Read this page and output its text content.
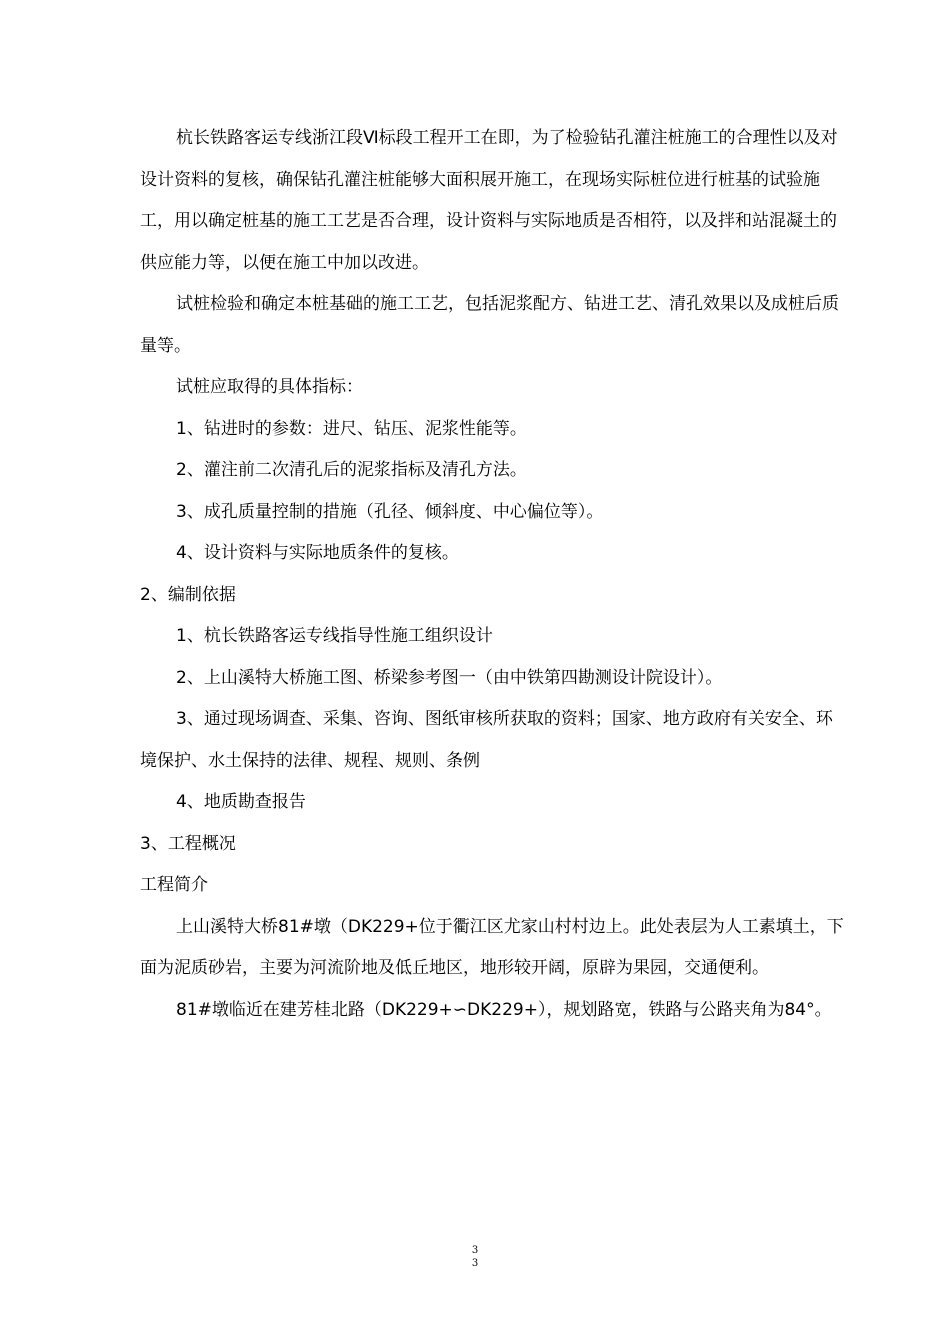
杭长铁路客运专线浙江段Ⅵ标段工程开工在即，为了检验钻孔灌注桩施工的合理性以及对设计资料的复核，确保钻孔灌注桩能够大面积展开施工，在现场实际桩位进行桩基的试验施工，用以确定桩基的施工工艺是否合理，设计资料与实际地质是否相符，以及拌和站混凝土的供应能力等，以便在施工中加以改进。

试桩检验和确定本桩基础的施工工艺，包括泥浆配方、钻进工艺、清孔效果以及成桩后质量等。

试桩应取得的具体指标：

1、钻进时的参数：进尺、钻压、泥浆性能等。

2、灌注前二次清孔后的泥浆指标及清孔方法。

3、成孔质量控制的措施（孔径、倾斜度、中心偏位等）。

4、设计资料与实际地质条件的复核。

2、编制依据

1、杭长铁路客运专线指导性施工组织设计

2、上山溪特大桥施工图、桥梁参考图一（由中铁第四勘测设计院设计）。

3、通过现场调查、采集、咨询、图纸审核所获取的资料；国家、地方政府有关安全、环境保护、水土保持的法律、规程、规则、条例

4、地质勘查报告

3、工程概况

工程简介

上山溪特大桥81#墩（DK229+位于衢江区尤家山村村边上。此处表层为人工素填土，下面为泥质砂岩，主要为河流阶地及低丘地区，地形较开阔，原辟为果园，交通便利。

81#墩临近在建芳桂北路（DK229+∽DK229+），规划路宽，铁路与公路夹角为84°。

3
3
